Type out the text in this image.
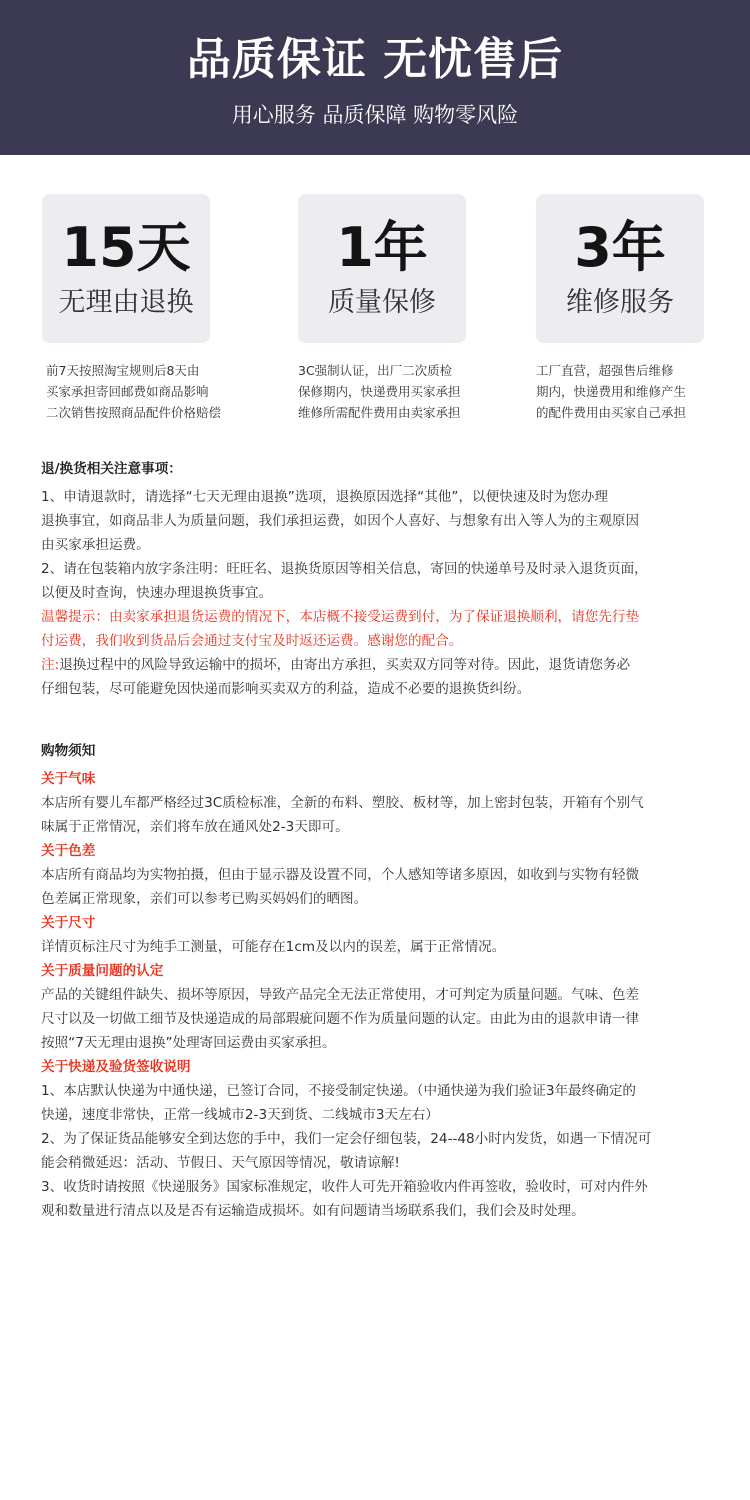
品质保证 无忧售后
用心服务 品质保障 购物零风险
15天
无理由退换
1年
质量保修
3年
维修服务
前7天按照淘宝规则后8天由
买家承担寄回邮费如商品影响
二次销售按照商品配件价格赔偿
3C强制认证，出厂二次质检
保修期内，快递费用买家承担
维修所需配件费用由卖家承担
工厂直营，超强售后维修
期内，快递费用和维修产生
的配件费用由买家自己承担
退/换货相关注意事项：
1、申请退款时，请选择“七天无理由退换”选项，退换原因选择“其他”，以便快速及时为您办理
退换事宜，如商品非人为质量问题，我们承担运费，如因个人喜好、与想象有出入等人为的主观原因
由买家承担运费。
2、请在包装箱内放字条注明：旺旺名、退换货原因等相关信息，寄回的快递单号及时录入退货页面，
以便及时查询，快速办理退换货事宜。
温馨提示：由卖家承担退货运费的情况下，本店概不接受运费到付，为了保证退换顺利，请您先行垫
付运费，我们收到货品后会通过支付宝及时返还运费。感谢您的配合。
注:退换过程中的风险导致运输中的损坏，由寄出方承担，买卖双方同等对待。因此，退货请您务必
仔细包装，尽可能避免因快递而影响买卖双方的利益，造成不必要的退换货纠纷。
购物须知
关于气味
本店所有婴儿车都严格经过3C质检标准，全新的布料、塑胶、板材等，加上密封包装，开箱有个别气
味属于正常情况，亲们将车放在通风处2-3天即可。
关于色差
本店所有商品均为实物拍摄，但由于显示器及设置不同，个人感知等诸多原因，如收到与实物有轻微
色差属正常现象，亲们可以参考已购买妈妈们的晒图。
关于尺寸
详情页标注尺寸为纯手工测量，可能存在1cm及以内的误差，属于正常情况。
关于质量问题的认定
产品的关键组件缺失、损坏等原因，导致产品完全无法正常使用，才可判定为质量问题。气味、色差
尺寸以及一切做工细节及快递造成的局部瑕疵问题不作为质量问题的认定。由此为由的退款申请一律
按照“7天无理由退换”处理寄回运费由买家承担。
关于快递及验货签收说明
1、本店默认快递为中通快递，已签订合同，不接受制定快递。（中通快递为我们验证3年最终确定的
快递，速度非常快，正常一线城市2-3天到货、二线城市3天左右）
2、为了保证货品能够安全到达您的手中，我们一定会仔细包装，24--48小时内发货，如遇一下情况可
能会稍微延迟：活动、节假日、天气原因等情况，敬请谅解!
3、收货时请按照《快递服务》国家标准规定，收件人可先开箱验收内件再签收，验收时，可对内件外
观和数量进行清点以及是否有运输造成损坏。如有问题请当场联系我们，我们会及时处理。
